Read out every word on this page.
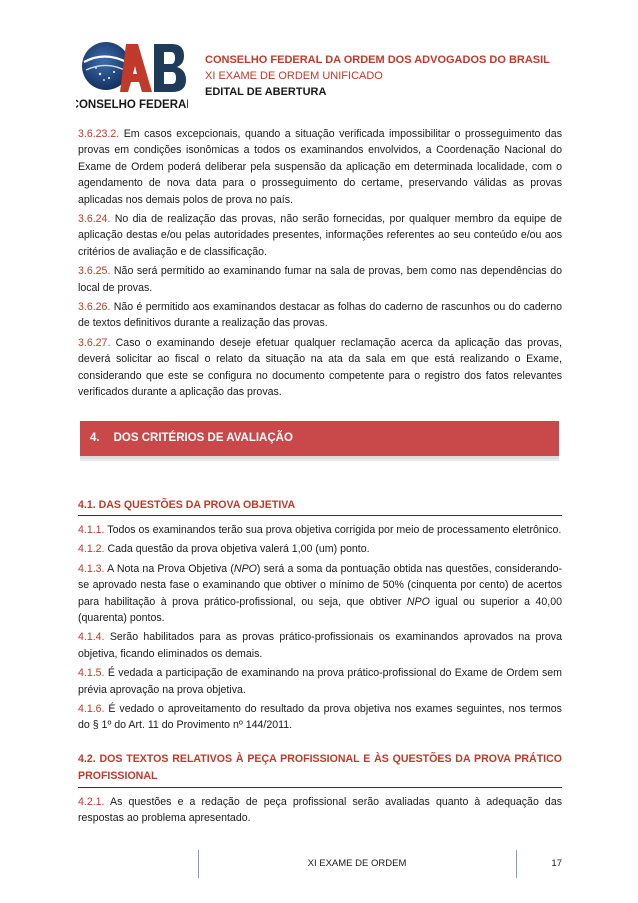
CONSELHO FEDERAL
CONSELHO FEDERAL DA ORDEM DOS ADVOGADOS DO BRASIL
XI EXAME DE ORDEM UNIFICADO
EDITAL DE ABERTURA

3.6.23.2. Em casos excepcionais, quando a situação verificada impossibilitar o prosseguimento das provas em condições isonômicas a todos os examinandos envolvidos, a Coordenação Nacional do Exame de Ordem poderá deliberar pela suspensão da aplicação em determinada localidade, com o agendamento de nova data para o prosseguimento do certame, preservando válidas as provas aplicadas nos demais polos de prova no país.

3.6.24. No dia de realização das provas, não serão fornecidas, por qualquer membro da equipe de aplicação destas e/ou pelas autoridades presentes, informações referentes ao seu conteúdo e/ou aos critérios de avaliação e de classificação.

3.6.25. Não será permitido ao examinando fumar na sala de provas, bem como nas dependências do local de provas.

3.6.26. Não é permitido aos examinandos destacar as folhas do caderno de rascunhos ou do caderno de textos definitivos durante a realização das provas.

3.6.27. Caso o examinando deseje efetuar qualquer reclamação acerca da aplicação das provas, deverá solicitar ao fiscal o relato da situação na ata da sala em que está realizando o Exame, considerando que este se configura no documento competente para o registro dos fatos relevantes verificados durante a aplicação das provas.

4. DOS CRITÉRIOS DE AVALIAÇÃO
4.1. DAS QUESTÕES DA PROVA OBJETIVA

4.1.1. Todos os examinandos terão sua prova objetiva corrigida por meio de processamento eletrônico.

4.1.2. Cada questão da prova objetiva valerá 1,00 (um) ponto.

4.1.3. A Nota na Prova Objetiva (NPO) será a soma da pontuação obtida nas questões, considerando-se aprovado nesta fase o examinando que obtiver o mínimo de 50% (cinquenta por cento) de acertos para habilitação à prova prático-profissional, ou seja, que obtiver NPO igual ou superior a 40,00 (quarenta) pontos.

4.1.4. Serão habilitados para as provas prático-profissionais os examinandos aprovados na prova objetiva, ficando eliminados os demais.

4.1.5. É vedada a participação de examinando na prova prático-profissional do Exame de Ordem sem prévia aprovação na prova objetiva.

4.1.6. É vedado o aproveitamento do resultado da prova objetiva nos exames seguintes, nos termos do § 1º do Art. 11 do Provimento nº 144/2011.

4.2. DOS TEXTOS RELATIVOS À PEÇA PROFISSIONAL E ÀS QUESTÕES DA PROVA PRÁTICO PROFISSIONAL

4.2.1. As questões e a redação de peça profissional serão avaliadas quanto à adequação das respostas ao problema apresentado.

XI EXAME DE ORDEM	17
